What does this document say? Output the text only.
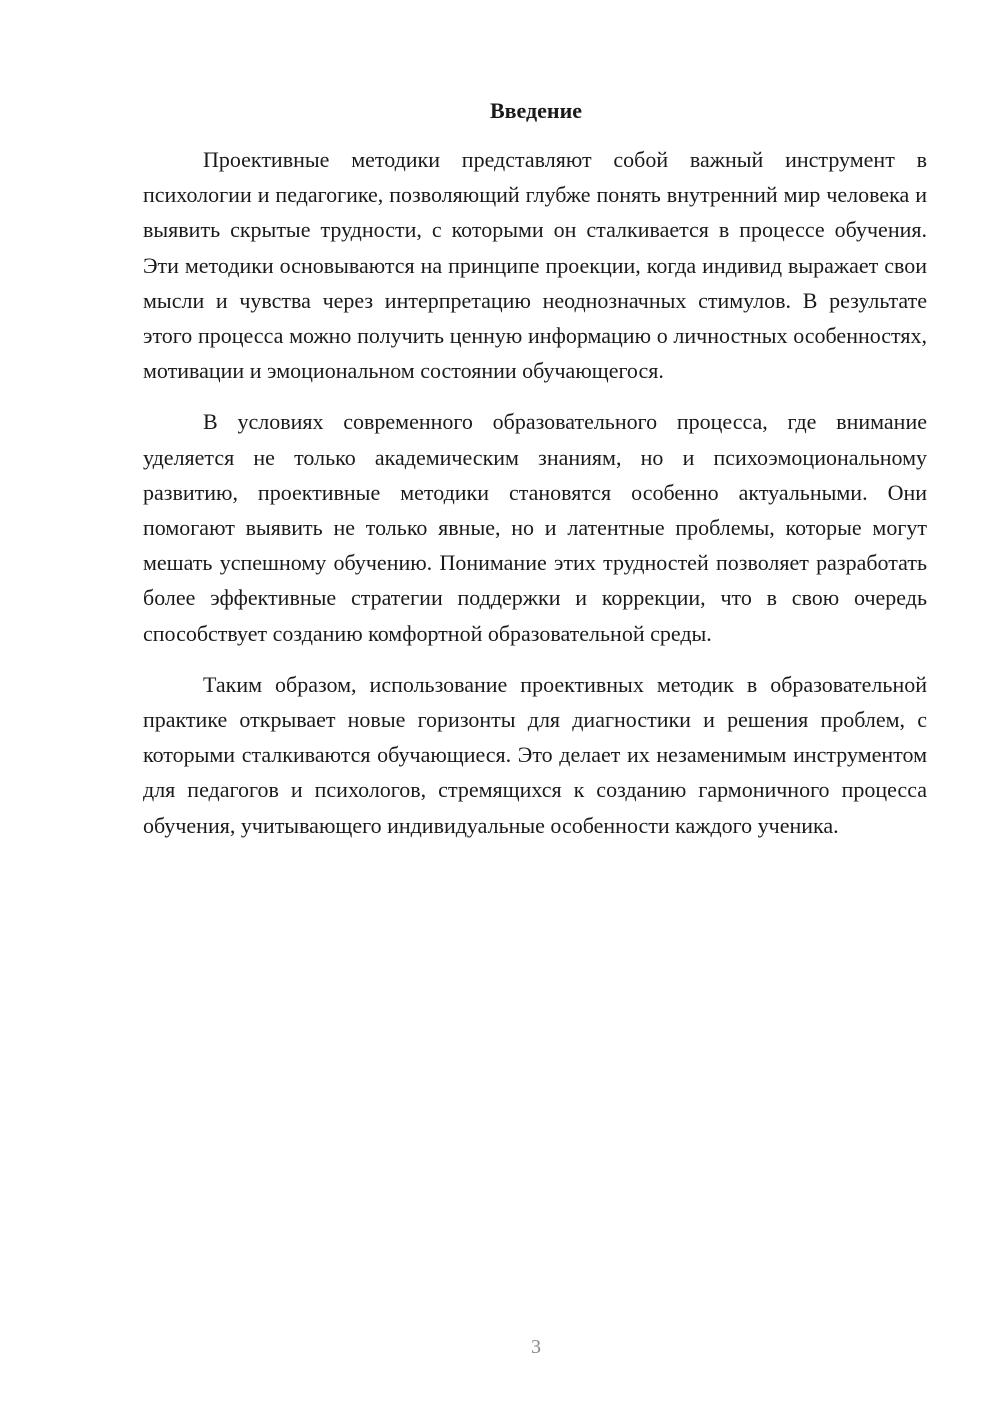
Введение

Проективные методики представляют собой важный инструмент в психологии и педагогике, позволяющий глубже понять внутренний мир человека и выявить скрытые трудности, с которыми он сталкивается в процессе обучения. Эти методики основываются на принципе проекции, когда индивид выражает свои мысли и чувства через интерпретацию неоднозначных стимулов. В результате этого процесса можно получить ценную информацию о личностных особенностях, мотивации и эмоциональном состоянии обучающегося.

В условиях современного образовательного процесса, где внимание уделяется не только академическим знаниям, но и психоэмоциональному развитию, проективные методики становятся особенно актуальными. Они помогают выявить не только явные, но и латентные проблемы, которые могут мешать успешному обучению. Понимание этих трудностей позволяет разработать более эффективные стратегии поддержки и коррекции, что в свою очередь способствует созданию комфортной образовательной среды.

Таким образом, использование проективных методик в образовательной практике открывает новые горизонты для диагностики и решения проблем, с которыми сталкиваются обучающиеся. Это делает их незаменимым инструментом для педагогов и психологов, стремящихся к созданию гармоничного процесса обучения, учитывающего индивидуальные особенности каждого ученика.

3
